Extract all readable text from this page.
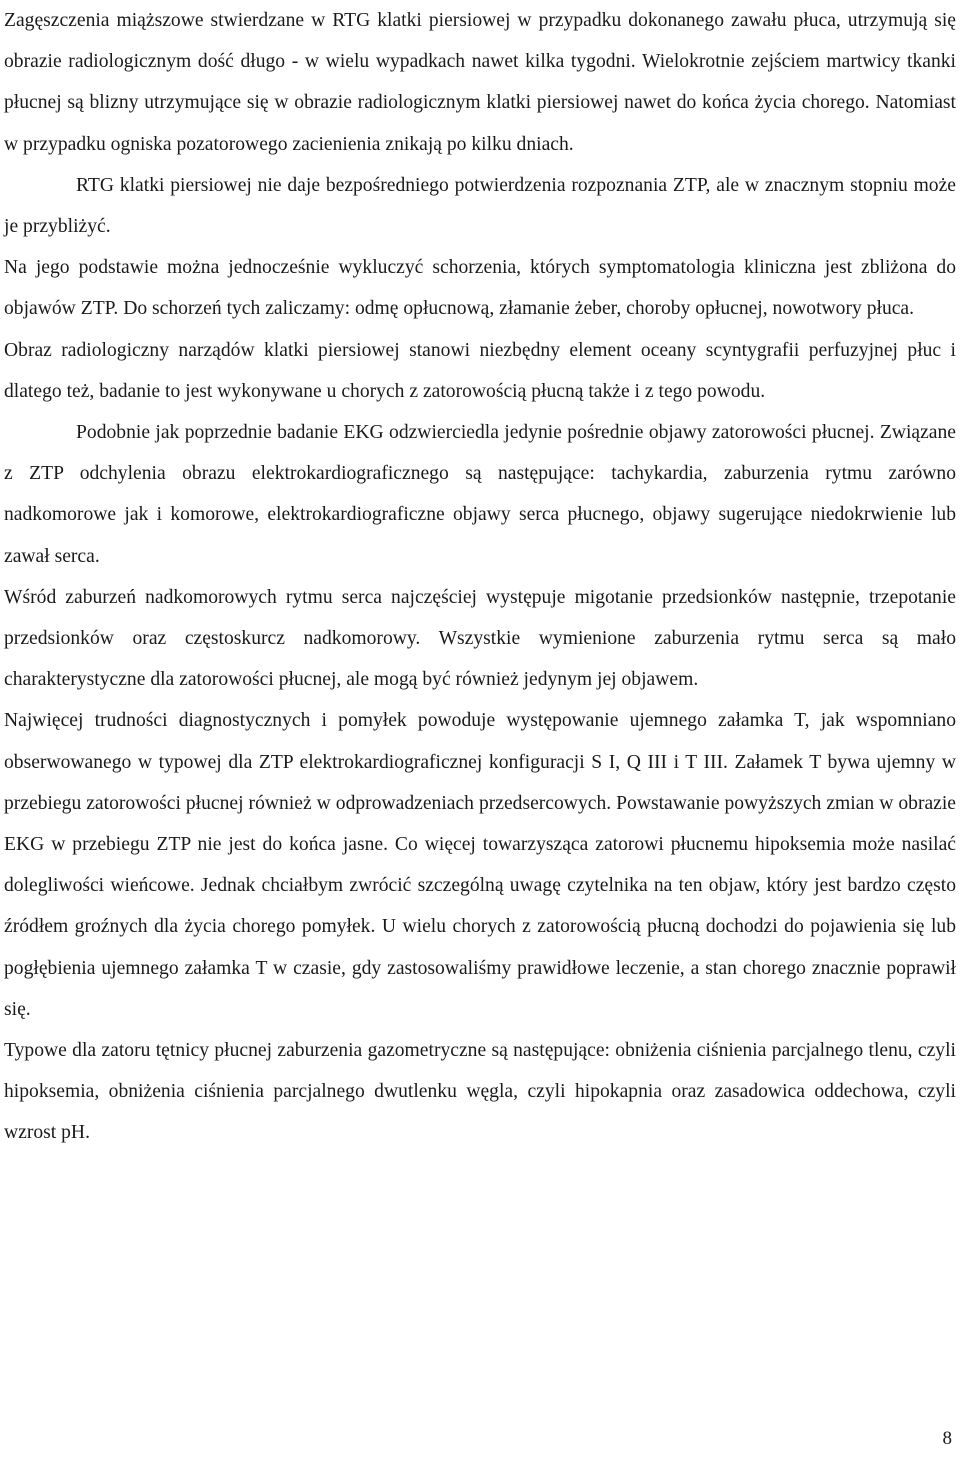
Zagęszczenia miąższowe stwierdzane w RTG klatki piersiowej w przypadku dokonanego zawału płuca, utrzymują się obrazie radiologicznym dość długo - w wielu wypadkach nawet kilka tygodni. Wielokrotnie zejściem martwicy tkanki płucnej są blizny utrzymujące się w obrazie radiologicznym klatki piersiowej nawet do końca życia chorego. Natomiast w przypadku ogniska pozatorowego zacienienia znikają po kilku dniach.

RTG klatki piersiowej nie daje bezpośredniego potwierdzenia rozpoznania ZTP, ale w znacznym stopniu może je przybliżyć.

Na jego podstawie można jednocześnie wykluczyć schorzenia, których symptomatologia kliniczna jest zbliżona do objawów ZTP. Do schorzeń tych zaliczamy: odmę opłucnową, złamanie żeber, choroby opłucnej, nowotwory płuca.

Obraz radiologiczny narządów klatki piersiowej stanowi niezbędny element oceany scyntygrafii perfuzyjnej płuc i dlatego też, badanie to jest wykonywane u chorych z zatorowością płucną także i z tego powodu.

Podobnie jak poprzednie badanie EKG odzwierciedla jedynie pośrednie objawy zatorowości płucnej. Związane z ZTP odchylenia obrazu elektrokardiograficznego są następujące: tachykardia, zaburzenia rytmu zarówno nadkomorowe jak i komorowe, elektrokardiograficzne objawy serca płucnego, objawy sugerujące niedokrwienie lub zawał serca.

Wśród zaburzeń nadkomorowych rytmu serca najczęściej występuje migotanie przedsionków następnie, trzepotanie przedsionków oraz częstoskurcz nadkomorowy. Wszystkie wymienione zaburzenia rytmu serca są mało charakterystyczne dla zatorowości płucnej, ale mogą być również jedynym jej objawem.

Najwięcej trudności diagnostycznych i pomyłek powoduje występowanie ujemnego załamka T, jak wspomniano obserwowanego w typowej dla ZTP elektrokardiograficznej konfiguracji S I, Q III i T III. Załamek T bywa ujemny w przebiegu zatorowości płucnej również w odprowadzeniach przedsercowych. Powstawanie powyższych zmian w obrazie EKG w przebiegu ZTP nie jest do końca jasne. Co więcej towarzysząca zatorowi płucnemu hipoksemia może nasilać dolegliwości wieńcowe. Jednak chciałbym zwrócić szczególną uwagę czytelnika na ten objaw, który jest bardzo często źródłem groźnych dla życia chorego pomyłek. U wielu chorych z zatorowością płucną dochodzi do pojawienia się lub pogłębienia ujemnego załamka T w czasie, gdy zastosowaliśmy prawidłowe leczenie, a stan chorego znacznie poprawił się.

Typowe dla zatoru tętnicy płucnej zaburzenia gazometryczne są następujące: obniżenia ciśnienia parcjalnego tlenu, czyli hipoksemia, obniżenia ciśnienia parcjalnego dwutlenku węgla, czyli hipokapnia oraz zasadowica oddechowa, czyli wzrost pH.

8
